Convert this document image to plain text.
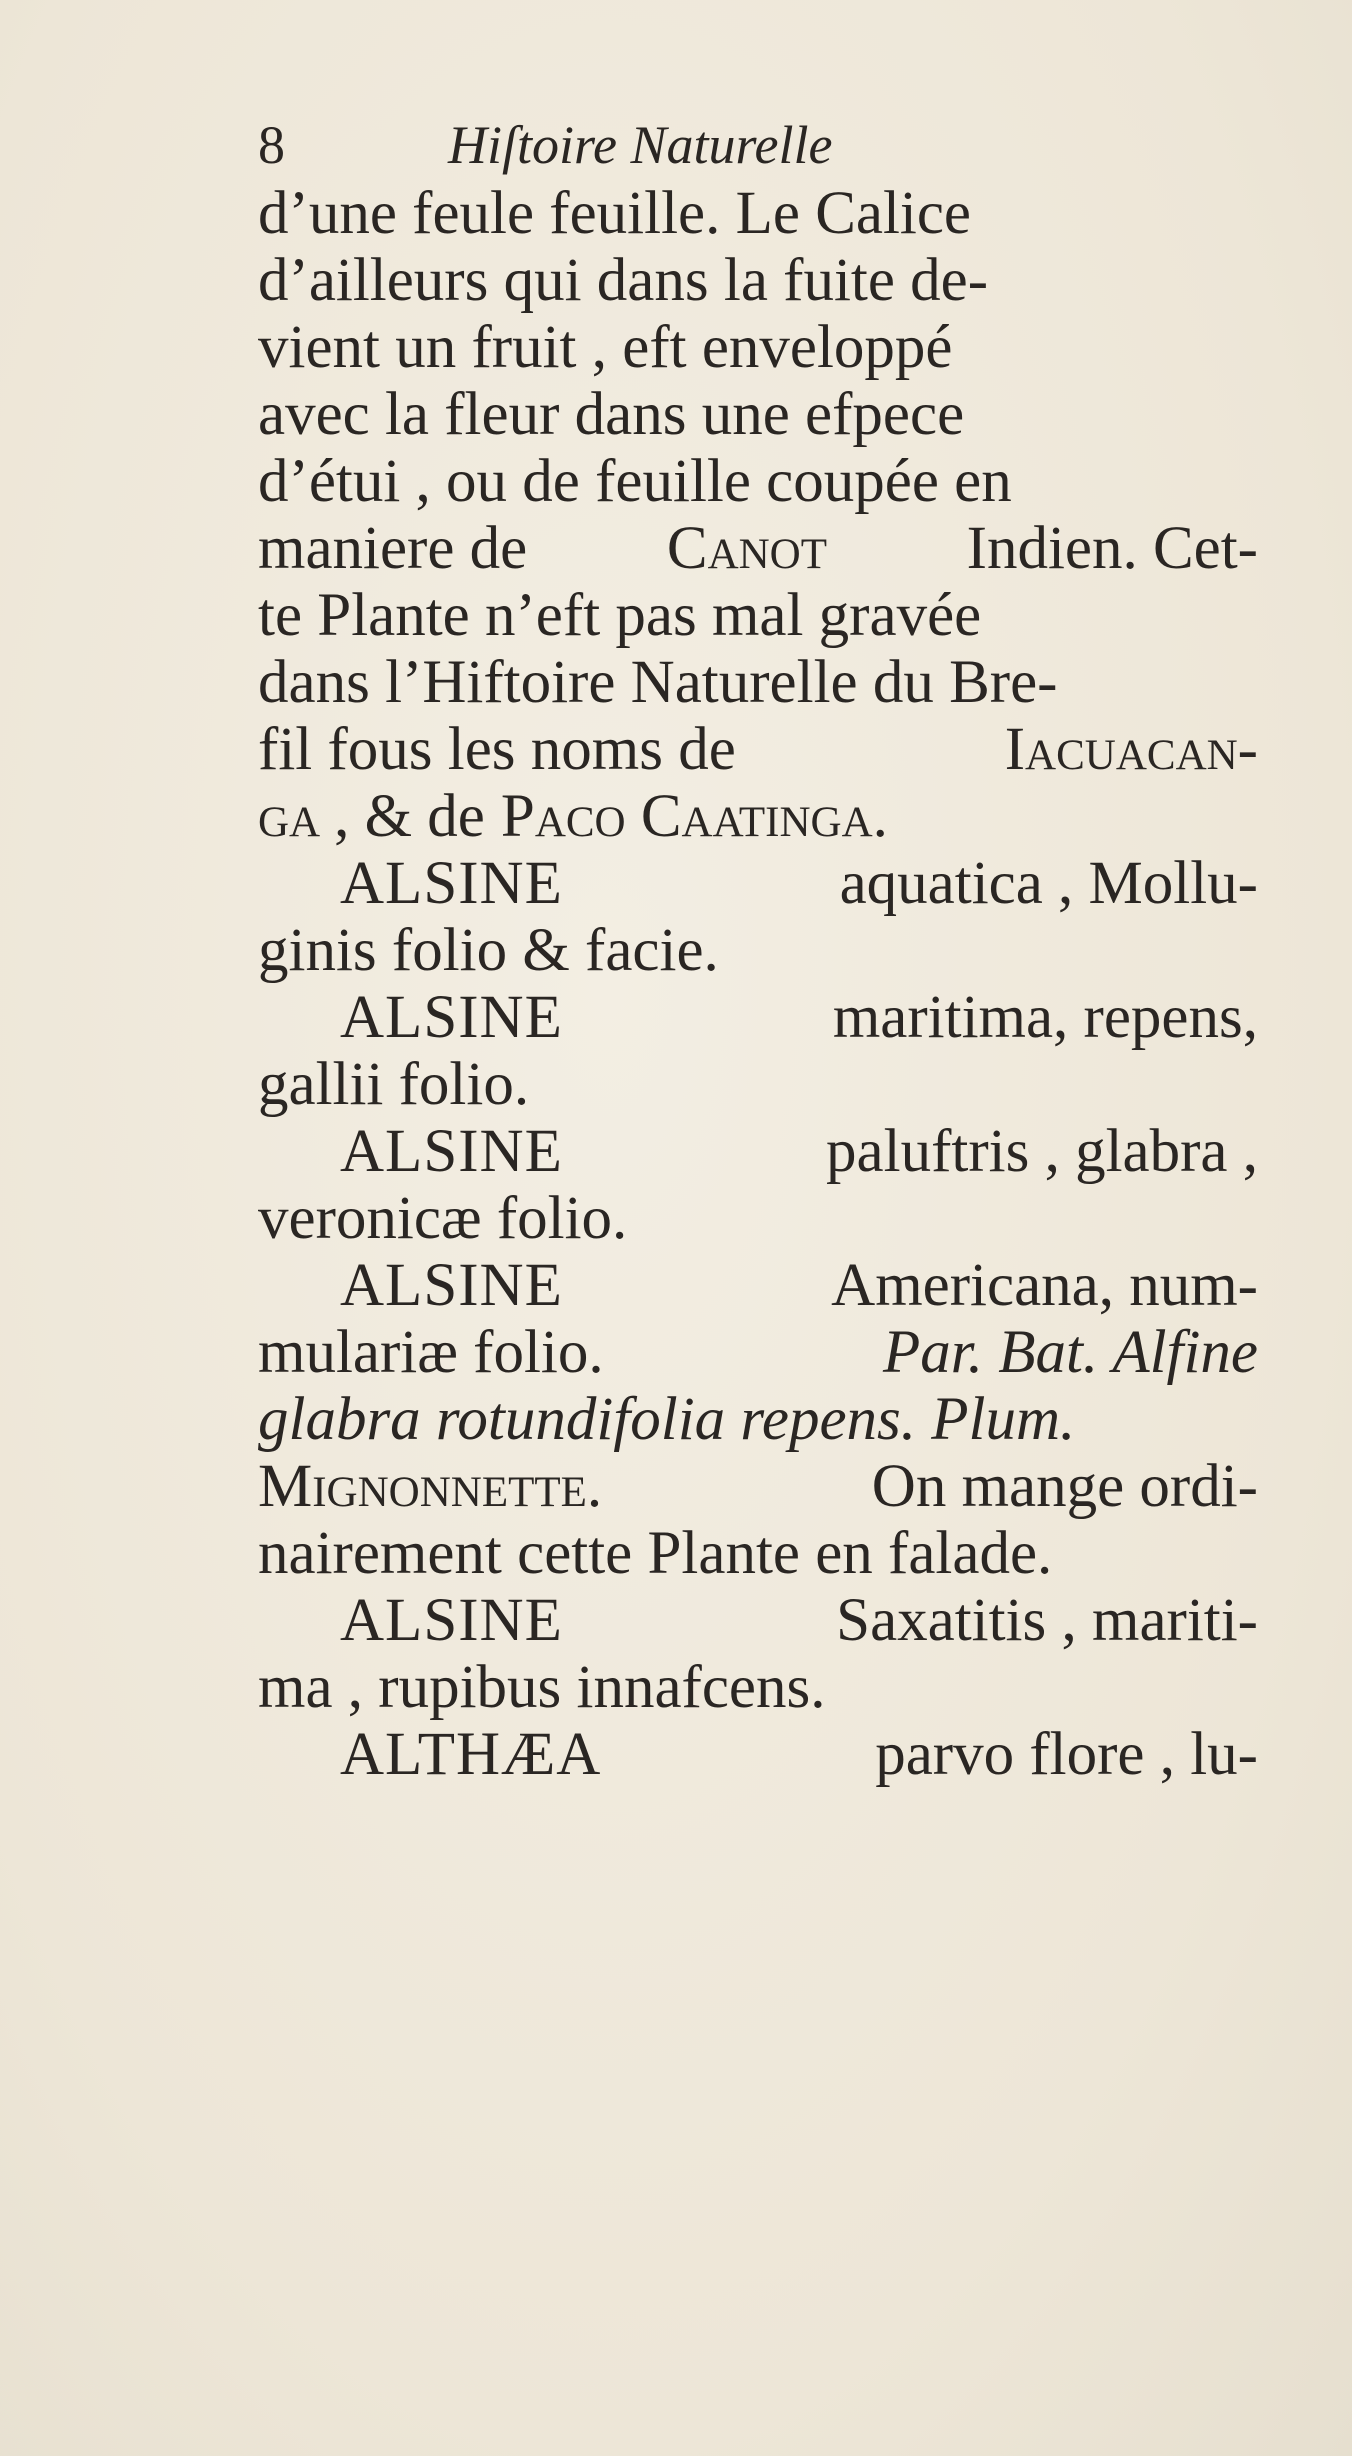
8	Hiſtoire Naturelle
d’une feule feuille. Le Calice
d’ailleurs qui dans la fuite de-
vient un fruit , eft enveloppé
avec la fleur dans une efpece
d’étui , ou de feuille coupée en
maniere de Canot Indien. Cet-
te Plante n’eft pas mal gravée
dans l’Hiftoire Naturelle du Bre-
fil fous les noms de	Iacuacan-
ga , & de Paco Caatinga.
ALSINE	aquatica , Mollu-
ginis folio & facie.
ALSINE	maritima, repens,
gallii folio.
ALSINE	paluftris , glabra ,
veronicæ folio.
ALSINE	Americana, num-
mulariæ folio.	Par. Bat. Alfine
glabra rotundifolia repens. Plum.
Mignonnette.	On mange ordi-
nairement cette Plante en falade.
ALSINE	Saxatitis , mariti-
ma , rupibus innafcens.
ALTHÆA	parvo flore , lu-
